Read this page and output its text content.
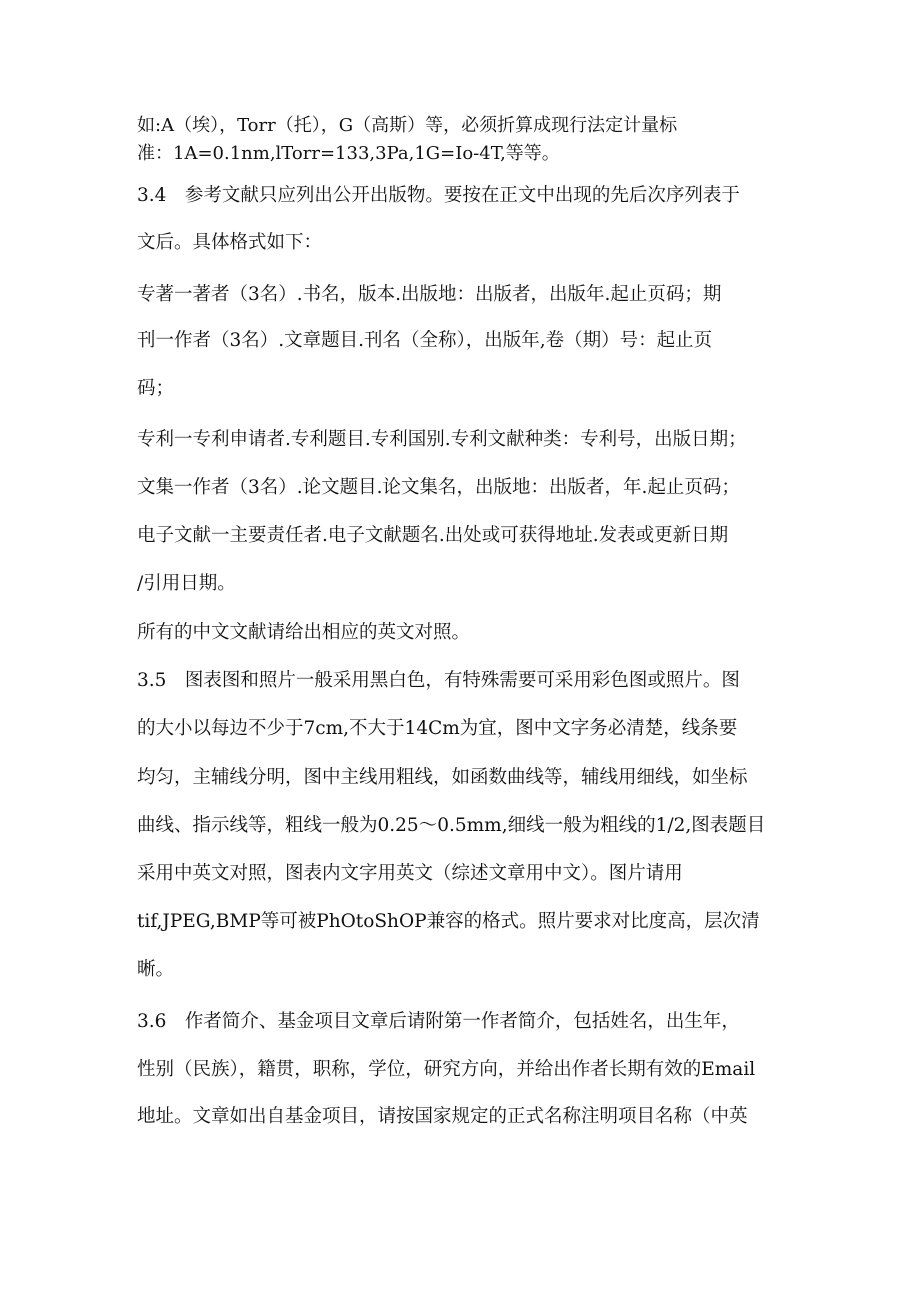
如:A（埃），Torr（托），G（高斯）等，必须折算成现行法定计量标
准：1A=0.1nm,lTorr=133,3Pa,1G=Io-4T,等等。
3.4　参考文献只应列出公开出版物。要按在正文中出现的先后次序列表于
文后。具体格式如下：
专著一著者（3名）.书名，版本.出版地：出版者，出版年.起止页码；期
刊一作者（3名）.文章题目.刊名（全称），出版年,卷（期）号：起止页
码；
专利一专利申请者.专利题目.专利国别.专利文献种类：专利号，出版日期；
文集一作者（3名）.论文题目.论文集名，出版地：出版者，年.起止页码；
电子文献一主要责任者.电子文献题名.出处或可获得地址.发表或更新日期
/引用日期。
所有的中文文献请给出相应的英文对照。
3.5　图表图和照片一般采用黑白色，有特殊需要可采用彩色图或照片。图
的大小以每边不少于7cm,不大于14Cm为宜，图中文字务必清楚，线条要
均匀，主辅线分明，图中主线用粗线，如函数曲线等，辅线用细线，如坐标
曲线、指示线等，粗线一般为0.25～0.5mm,细线一般为粗线的1/2,图表题目
采用中英文对照，图表内文字用英文（综述文章用中文）。图片请用
tif,JPEG,BMP等可被PhOtoShOP兼容的格式。照片要求对比度高，层次清
晰。
3.6　作者简介、基金项目文章后请附第一作者简介，包括姓名，出生年，
性别（民族），籍贯，职称，学位，研究方向，并给出作者长期有效的Email
地址。文章如出自基金项目，请按国家规定的正式名称注明项目名称（中英
